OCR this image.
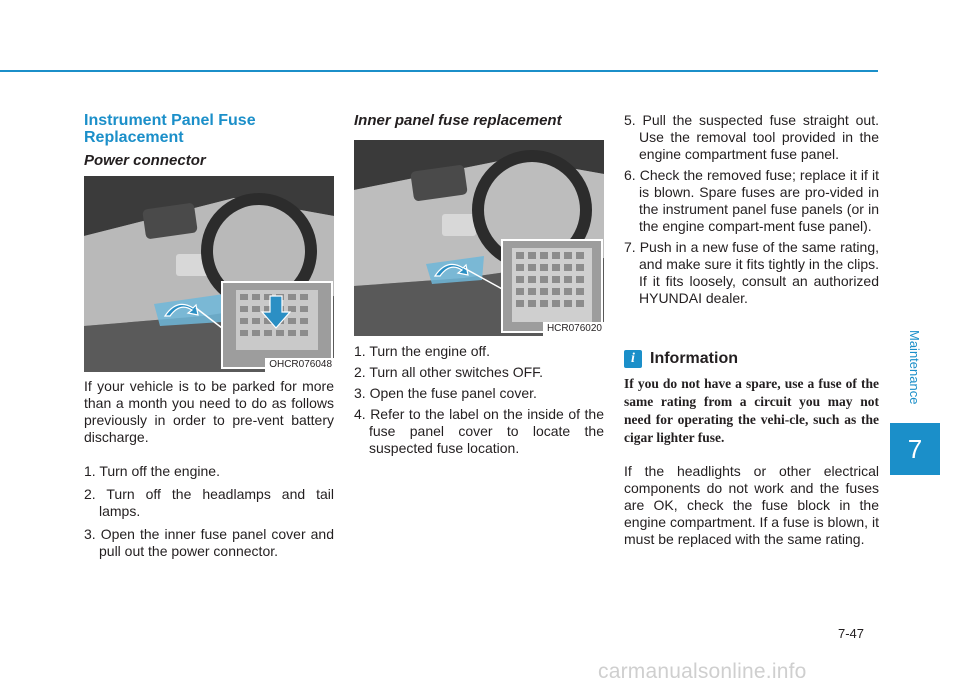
Maintenance
7
Instrument Panel Fuse Replacement
Power connector
OHCR076048

If your vehicle is to be parked for more than a month you need to do as follows previously in order to pre-vent battery discharge.

1. Turn off the engine.
2. Turn off the headlamps and tail lamps.
3. Open the inner fuse panel cover and pull out the power connector.
Inner panel fuse replacement
HCR076020
1. Turn the engine off.
2. Turn all other switches OFF.
3. Open the fuse panel cover.
4. Refer to the label on the inside of the fuse panel cover to locate the suspected fuse location.
5. Pull the suspected fuse straight out. Use the removal tool provided in the engine compartment fuse panel.
6. Check the removed fuse; replace it if it is blown. Spare fuses are pro-vided in the instrument panel fuse panels (or in the engine compart-ment fuse panel).
7. Push in a new fuse of the same rating, and make sure it fits tightly in the clips. If it fits loosely, consult an authorized HYUNDAI dealer.
i Information

If you do not have a spare, use a fuse of the same rating from a circuit you may not need for operating the vehi-cle, such as the cigar lighter fuse.

If the headlights or other electrical components do not work and the fuses are OK, check the fuse block in the engine compartment. If a fuse is blown, it must be replaced with the same rating.

7-47
carmanualsonline.info
